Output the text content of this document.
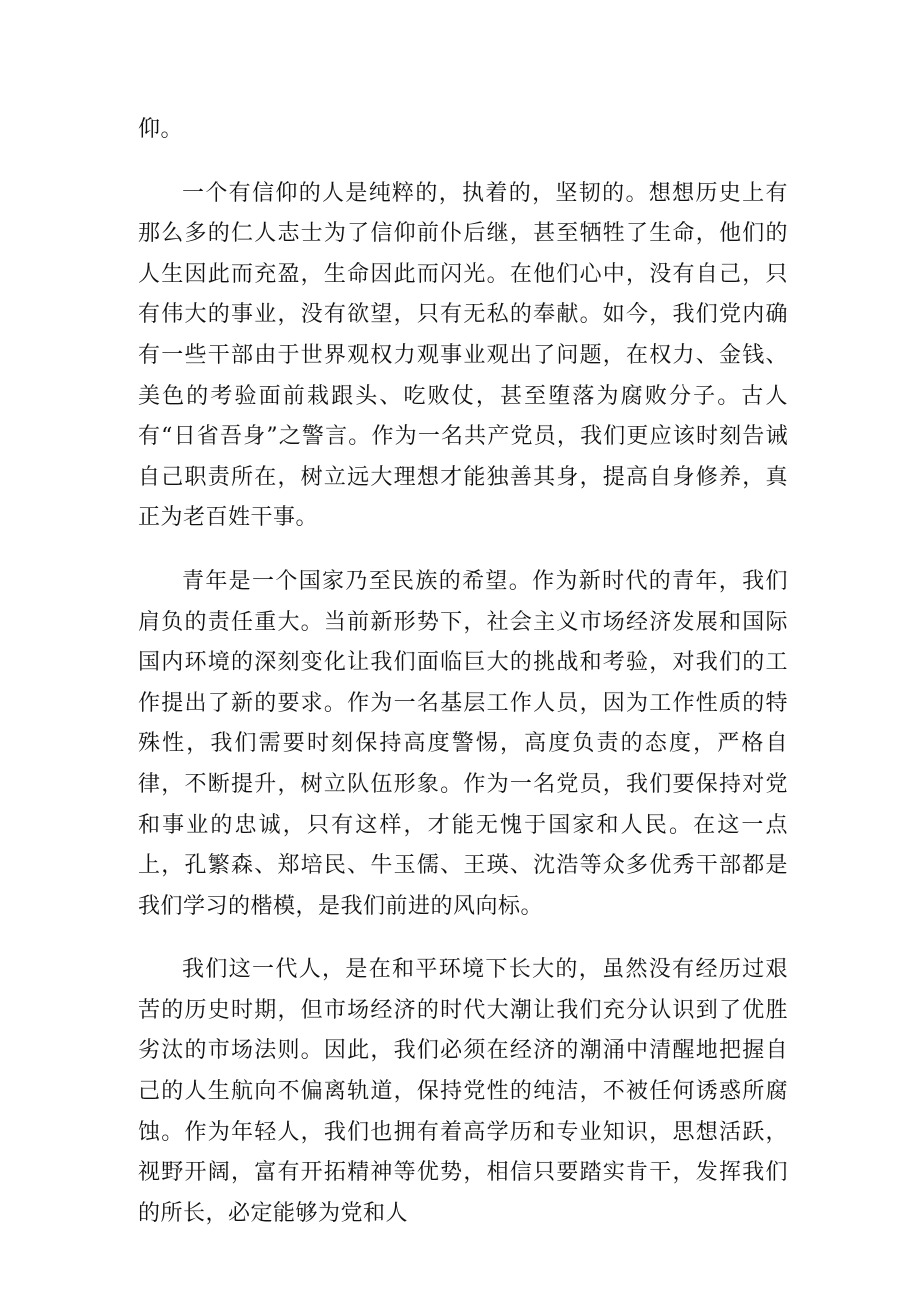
仰。

一个有信仰的人是纯粹的，执着的，坚韧的。想想历史上有那么多的仁人志士为了信仰前仆后继，甚至牺牲了生命，他们的人生因此而充盈，生命因此而闪光。在他们心中，没有自己，只有伟大的事业，没有欲望，只有无私的奉献。如今，我们党内确有一些干部由于世界观权力观事业观出了问题，在权力、金钱、美色的考验面前栽跟头、吃败仗，甚至堕落为腐败分子。古人有“日省吾身”之警言。作为一名共产党员，我们更应该时刻告诫自己职责所在，树立远大理想才能独善其身，提高自身修养，真正为老百姓干事。

青年是一个国家乃至民族的希望。作为新时代的青年，我们肩负的责任重大。当前新形势下，社会主义市场经济发展和国际国内环境的深刻变化让我们面临巨大的挑战和考验，对我们的工作提出了新的要求。作为一名基层工作人员，因为工作性质的特殊性，我们需要时刻保持高度警惕，高度负责的态度，严格自律，不断提升，树立队伍形象。作为一名党员，我们要保持对党和事业的忠诚，只有这样，才能无愧于国家和人民。在这一点上，孔繁森、郑培民、牛玉儒、王瑛、沈浩等众多优秀干部都是我们学习的楷模，是我们前进的风向标。

我们这一代人，是在和平环境下长大的，虽然没有经历过艰苦的历史时期，但市场经济的时代大潮让我们充分认识到了优胜劣汰的市场法则。因此，我们必须在经济的潮涌中清醒地把握自己的人生航向不偏离轨道，保持党性的纯洁，不被任何诱惑所腐蚀。作为年轻人，我们也拥有着高学历和专业知识，思想活跃，视野开阔，富有开拓精神等优势，相信只要踏实肯干，发挥我们的所长，必定能够为党和人
